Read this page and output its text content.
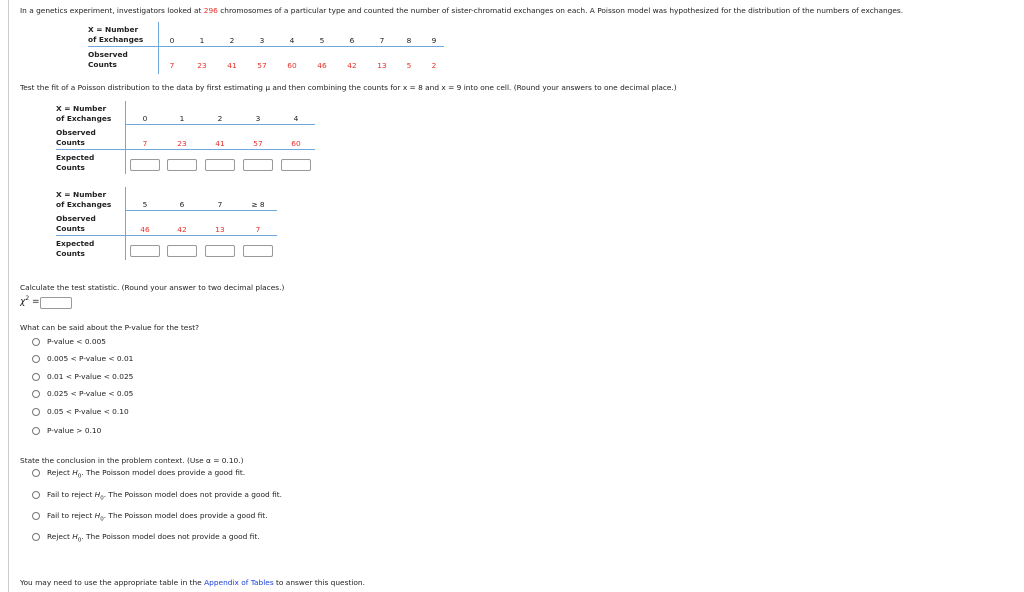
In a genetics experiment, investigators looked at 296 chromosomes of a particular type and counted the number of sister-chromatid exchanges on each. A Poisson model was hypothesized for the distribution of the numbers of exchanges.
X = Number
of Exchanges
Observed
Counts
0
7
1
23
2
41
3
57
4
60
5
46
6
42
7
13
8
5
9
2
Test the fit of a Poisson distribution to the data by first estimating μ and then combining the counts for x = 8 and x = 9 into one cell. (Round your answers to one decimal place.)
X = Number
of Exchanges
Observed
Counts
Expected
Counts
0
7
1
23
2
41
3
57
4
60
X = Number
of Exchanges
Observed
Counts
Expected
Counts
5
46
6
42
7
13
≥ 8
7
Calculate the test statistic. (Round your answer to two decimal places.)
$\chi^2$ =
What can be said about the P-value for the test?
P-value < 0.005
0.005 < P-value < 0.01
0.01 < P-value < 0.025
0.025 < P-value < 0.05
0.05 < P-value < 0.10
P-value > 0.10
State the conclusion in the problem context. (Use α = 0.10.)
Reject $H_0$. The Poisson model does provide a good fit.
Fail to reject $H_0$. The Poisson model does not provide a good fit.
Fail to reject $H_0$. The Poisson model does provide a good fit.
Reject $H_0$. The Poisson model does not provide a good fit.
You may need to use the appropriate table in the Appendix of Tables to answer this question.
